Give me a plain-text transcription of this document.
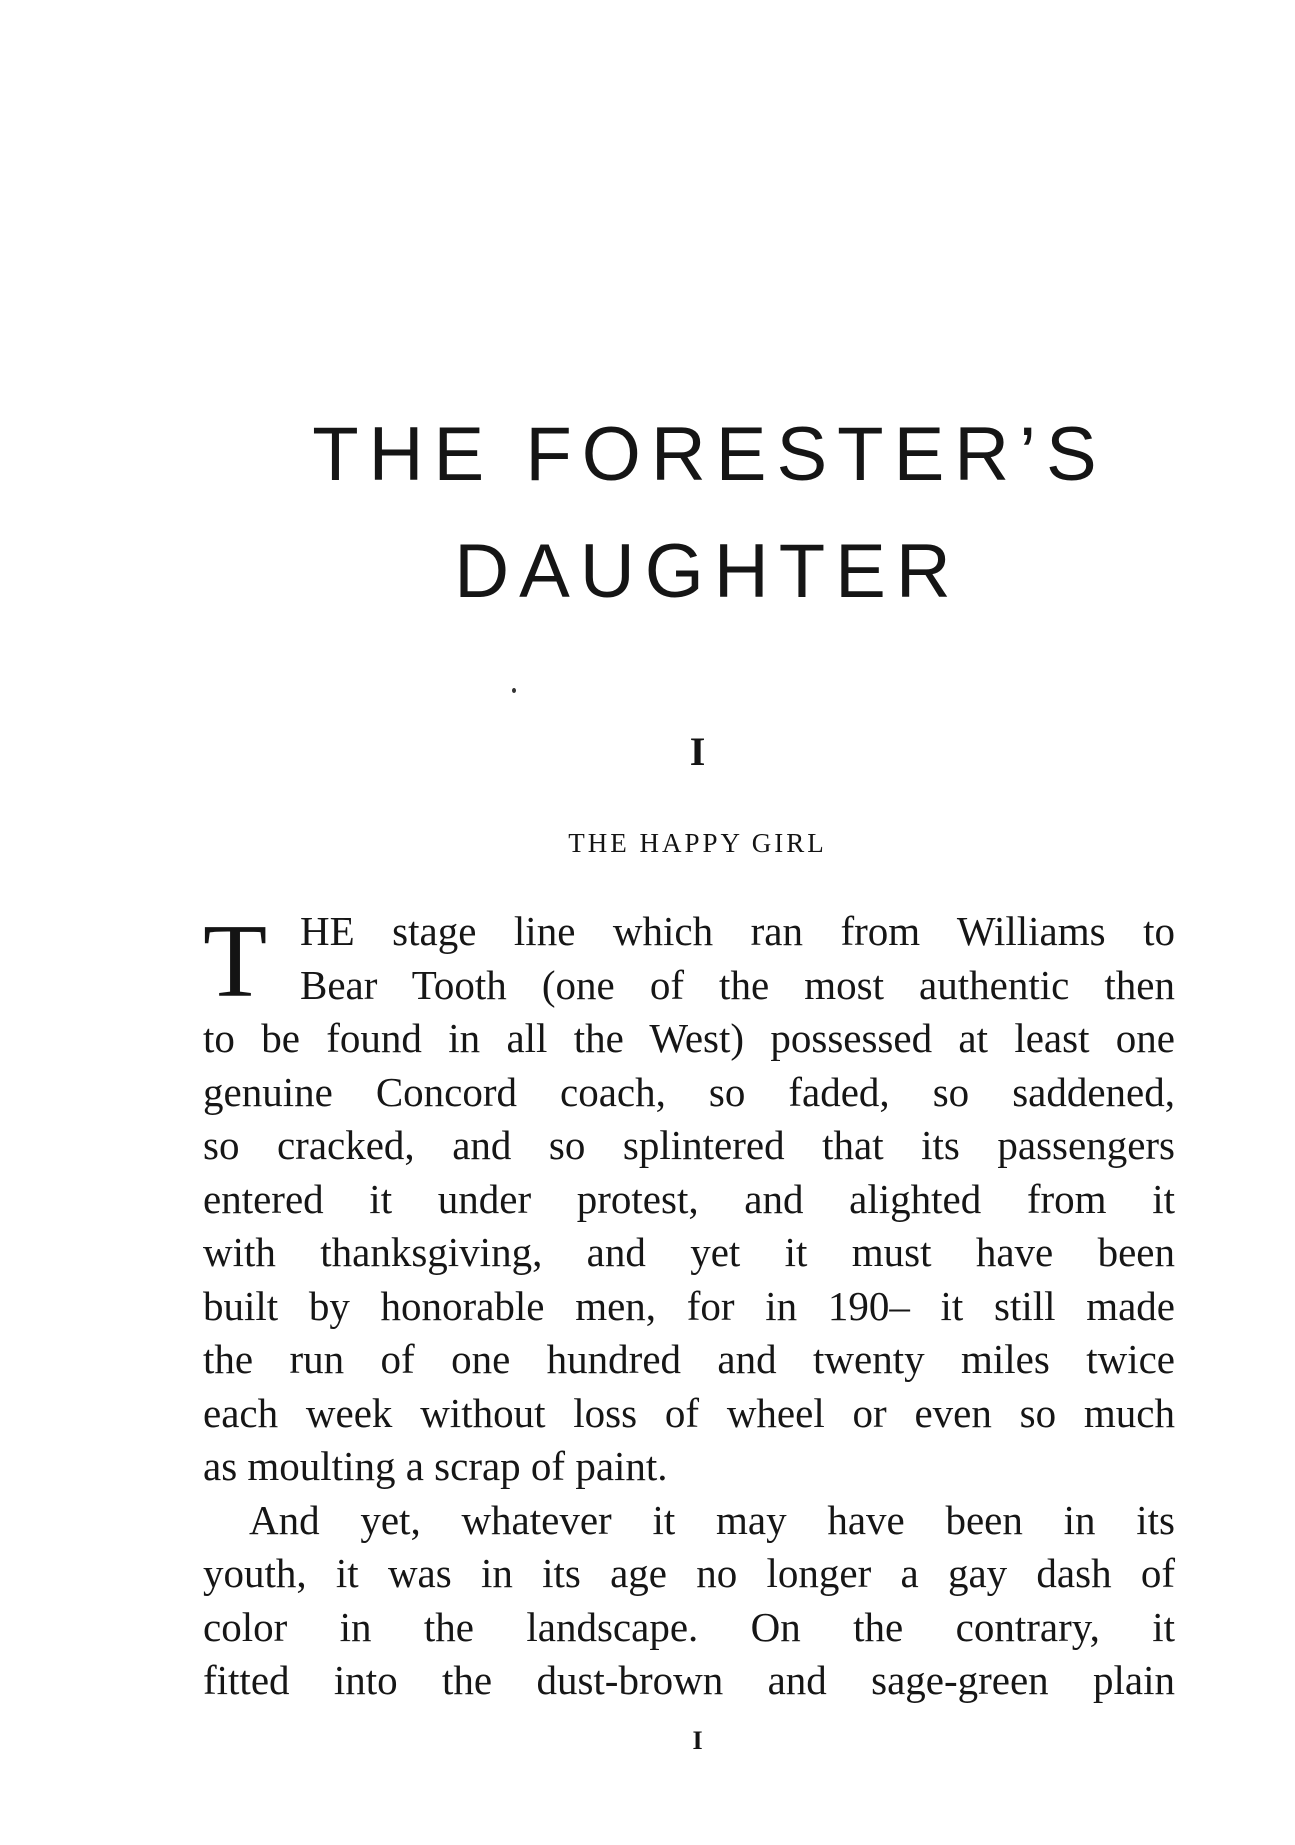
THE FORESTER’S
DAUGHTER
I
THE HAPPY GIRL
T HE stage line which ran from Williams to
Bear Tooth (one of the most authentic then
to be found in all the West) possessed at least one
genuine Concord coach, so faded, so saddened,
so cracked, and so splintered that its passengers
entered it under protest, and alighted from it
with thanksgiving, and yet it must have been
built by honorable men, for in 190– it still made
the run of one hundred and twenty miles twice
each week without loss of wheel or even so much
as moulting a scrap of paint.
And yet, whatever it may have been in its
youth, it was in its age no longer a gay dash of
color in the landscape. On the contrary, it
fitted into the dust-brown and sage-green plain
I
